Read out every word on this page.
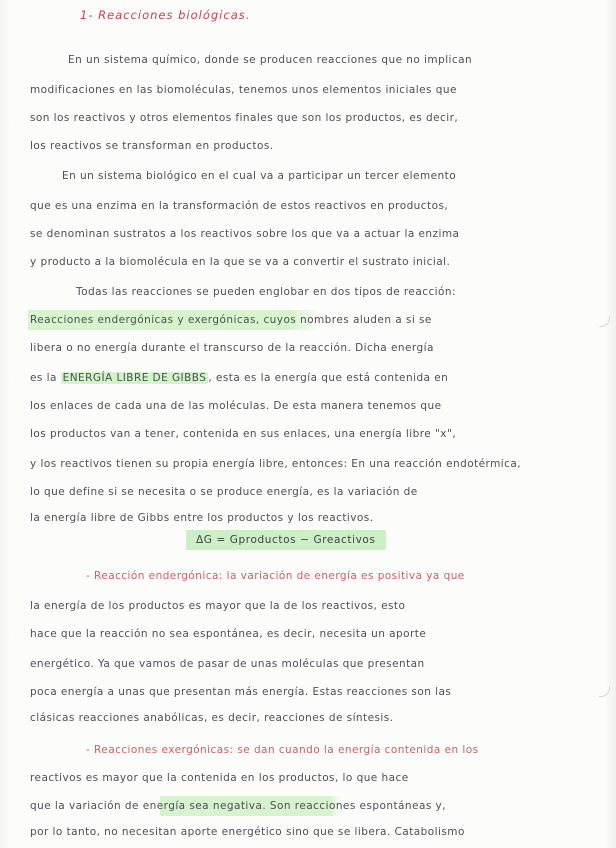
1- Reacciones biológicas.
En un sistema químico, donde se producen reacciones que no implican
modificaciones en las biomoléculas, tenemos unos elementos iniciales que
son los reactivos y otros elementos finales que son los productos, es decir,
los reactivos se transforman en productos.
En un sistema biológico en el cual va a participar un tercer elemento
que es una enzima en la transformación de estos reactivos en productos,
se denominan sustratos a los reactivos sobre los que va a actuar la enzima
y producto a la biomolécula en la que se va a convertir el sustrato inicial.
Todas las reacciones se pueden englobar en dos tipos de reacción:
Reacciones endergónicas y exergónicas, cuyos nombres aluden a si se
libera o no energía durante el transcurso de la reacción. Dicha energía
es la ENERGÍA LIBRE DE GIBBS , esta es la energía que está contenida en
los enlaces de cada una de las moléculas. De esta manera tenemos que
los productos van a tener, contenida en sus enlaces, una energía libre "x",
y los reactivos tienen su propia energía libre, entonces: En una reacción endotérmica,
lo que define si se necesita o se produce energía, es la variación de
la energía libre de Gibbs entre los productos y los reactivos.
ΔG = Gproductos − Greactivos
- Reacción endergónica: la variación de energía es positiva ya que
la energía de los productos es mayor que la de los reactivos, esto
hace que la reacción no sea espontánea, es decir, necesita un aporte
energético. Ya que vamos de pasar de unas moléculas que presentan
poca energía a unas que presentan más energía. Estas reacciones son las
clásicas reacciones anabólicas, es decir, reacciones de síntesis.
- Reacciones exergónicas: se dan cuando la energía contenida en los
reactivos es mayor que la contenida en los productos, lo que hace
que la variación de energía sea negativa. Son reacciones espontáneas y,
por lo tanto, no necesitan aporte energético sino que se libera. Catabolismo
